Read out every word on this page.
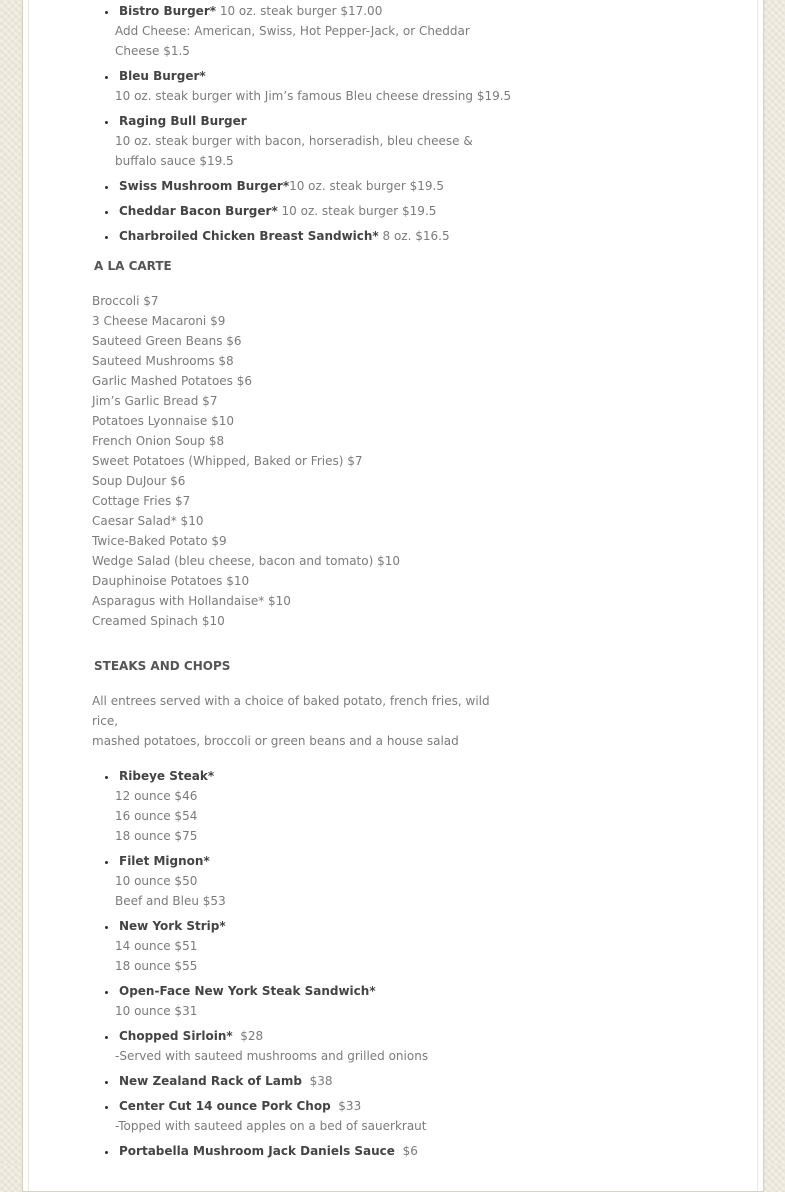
• Bistro Burger* 10 oz. steak burger $17.00
Add Cheese: American, Swiss, Hot Pepper-Jack, or Cheddar
Cheese $1.5
• Bleu Burger*
10 oz. steak burger with Jim’s famous Bleu cheese dressing $19.5
• Raging Bull Burger
10 oz. steak burger with bacon, horseradish, bleu cheese &
buffalo sauce $19.5
• Swiss Mushroom Burger*10 oz. steak burger $19.5
• Cheddar Bacon Burger* 10 oz. steak burger $19.5
• Charbroiled Chicken Breast Sandwich* 8 oz. $16.5
A LA CARTE
Broccoli $7
3 Cheese Macaroni $9
Sauteed Green Beans $6
Sauteed Mushrooms $8
Garlic Mashed Potatoes $6
Jim’s Garlic Bread $7
Potatoes Lyonnaise $10
French Onion Soup $8
Sweet Potatoes (Whipped, Baked or Fries) $7
Soup DuJour $6
Cottage Fries $7
Caesar Salad* $10
Twice-Baked Potato $9
Wedge Salad (bleu cheese, bacon and tomato) $10
Dauphinoise Potatoes $10
Asparagus with Hollandaise* $10
Creamed Spinach $10
STEAKS AND CHOPS
All entrees served with a choice of baked potato, french fries, wild rice,
mashed potatoes, broccoli or green beans and a house salad
• Ribeye Steak*
12 ounce $46
16 ounce $54
18 ounce $75
• Filet Mignon*
10 ounce $50
Beef and Bleu $53
• New York Strip*
14 ounce $51
18 ounce $55
• Open-Face New York Steak Sandwich*
10 ounce $31
• Chopped Sirloin*  $28
-Served with sauteed mushrooms and grilled onions
• New Zealand Rack of Lamb  $38
• Center Cut 14 ounce Pork Chop  $33
-Topped with sauteed apples on a bed of sauerkraut
• Portabella Mushroom Jack Daniels Sauce  $6
